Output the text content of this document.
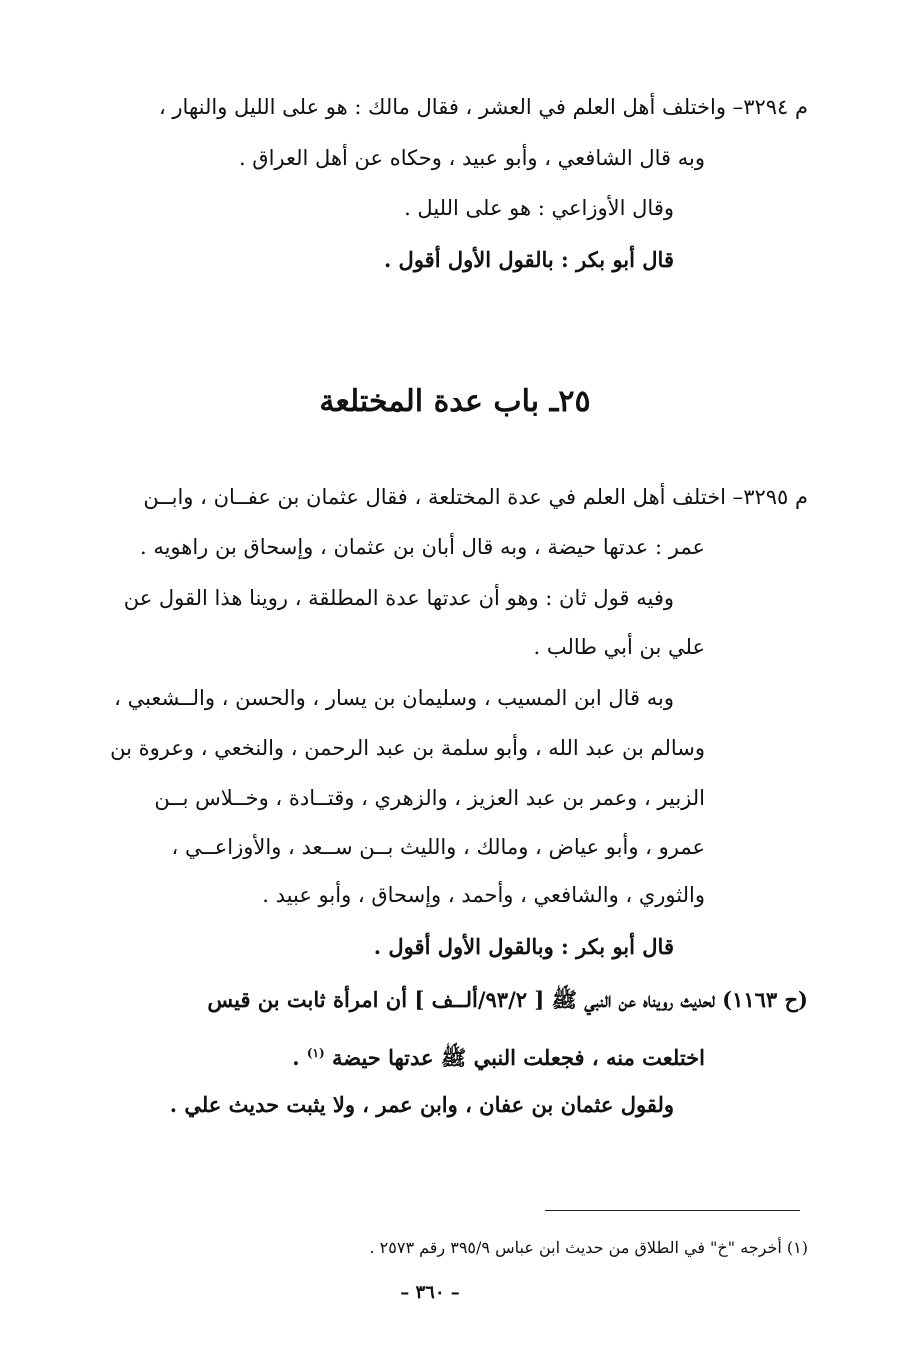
م ٣٢٩٤– واختلف أهل العلم في العشر ، فقال مالك : هو على الليل والنهار ،
وبه قال الشافعي ، وأبو عبيد ، وحكاه عن أهل العراق .
وقال الأوزاعي : هو على الليل .
قال أبو بكر : بالقول الأول أقول .
٢٥ـ باب عدة المختلعة
م ٣٢٩٥– اختلف أهل العلم في عدة المختلعة ، فقال عثمان بن عفــان ، وابــن
عمر : عدتها حيضة ، وبه قال أبان بن عثمان ، وإسحاق بن راهويه .
وفيه قول ثان : وهو أن عدتها عدة المطلقة ، روينا هذا القول عن
علي بن أبي طالب .
وبه قال ابن المسيب ، وسليمان بن يسار ، والحسن ، والــشعبي ،
وسالم بن عبد الله ، وأبو سلمة بن عبد الرحمن ، والنخعي ، وعروة بن
الزبير ، وعمر بن عبد العزيز ، والزهري ، وقتــادة ، وخــلاس بــن
عمرو ، وأبو عياض ، ومالك ، والليث بــن ســعد ، والأوزاعــي ،
والثوري ، والشافعي ، وأحمد ، وإسحاق ، وأبو عبيد .
قال أبو بكر : وبالقول الأول أقول .
(ح ١١٦٣) لحديث رويناه عن النبي ﷺ [ ٩٣/٢/ألــف ] أن امرأة ثابت بن قيس
اختلعت منه ، فجعلت النبي ﷺ عدتها حيضة $^{(١)}$ .
ولقول عثمان بن عفان ، وابن عمر ، ولا يثبت حديث علي .
(١) أخرجه "خ" في الطلاق من حديث ابن عباس ٣٩٥/٩ رقم ٢٥٧٣ .
– ٣٦٠ –
